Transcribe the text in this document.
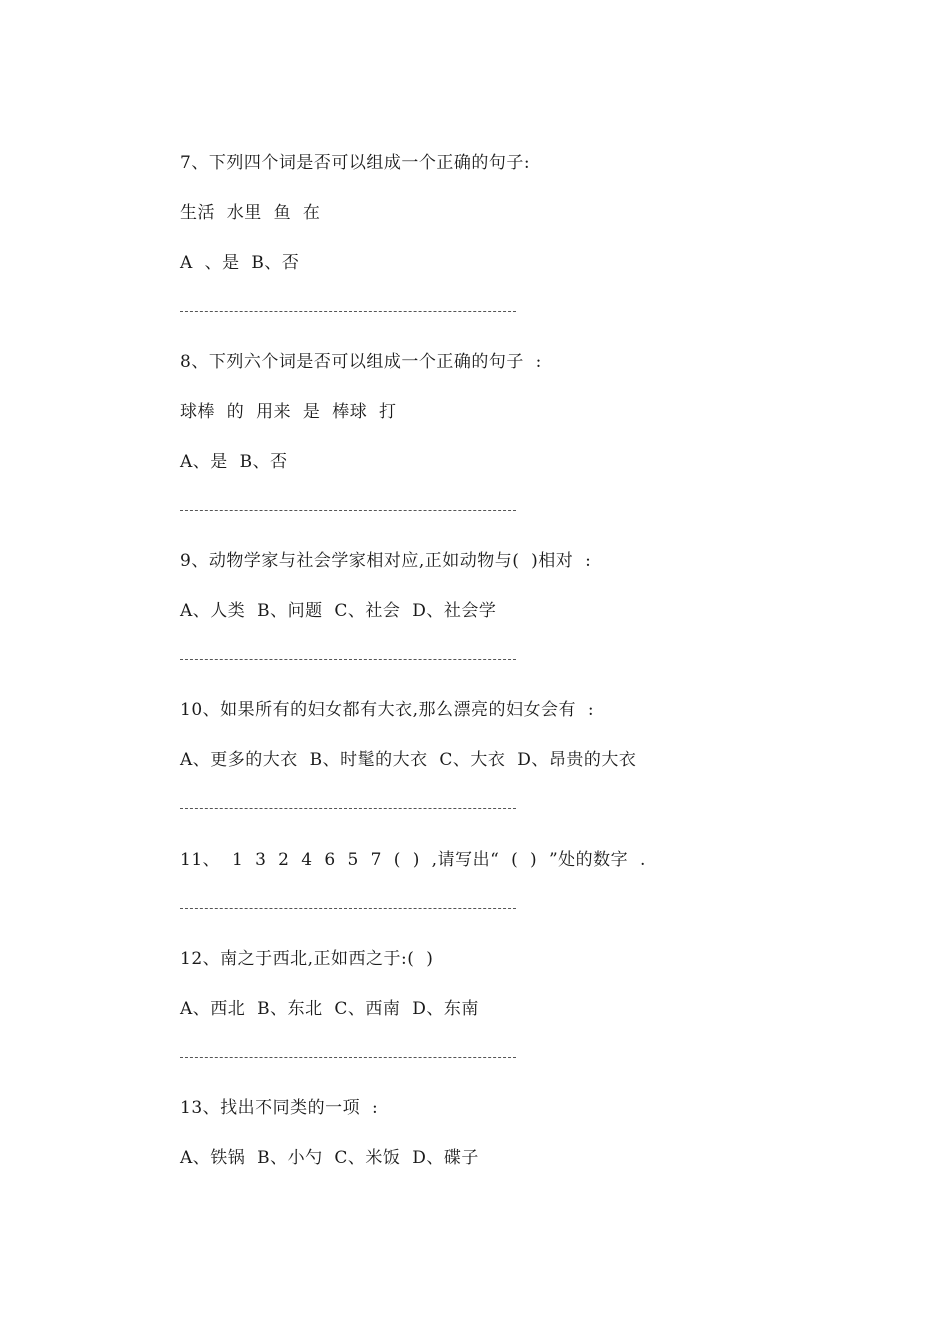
7、下列四个词是否可以组成一个正确的句子:
生活  水里  鱼  在
A  、是  B、否
8、下列六个词是否可以组成一个正确的句子  :
球棒  的  用来  是  棒球  打
A、是  B、否
9、动物学家与社会学家相对应,正如动物与(  )相对  :
A、人类  B、问题  C、社会  D、社会学
10、如果所有的妇女都有大衣,那么漂亮的妇女会有  :
A、更多的大衣  B、时髦的大衣  C、大衣  D、昂贵的大衣
11、  1  3  2  4  6  5  7  (  )  ,请写出“  (  )  ”处的数字  .
12、南之于西北,正如西之于:(  )
A、西北  B、东北  C、西南  D、东南
13、找出不同类的一项  :
A、铁锅  B、小勺  C、米饭  D、碟子
